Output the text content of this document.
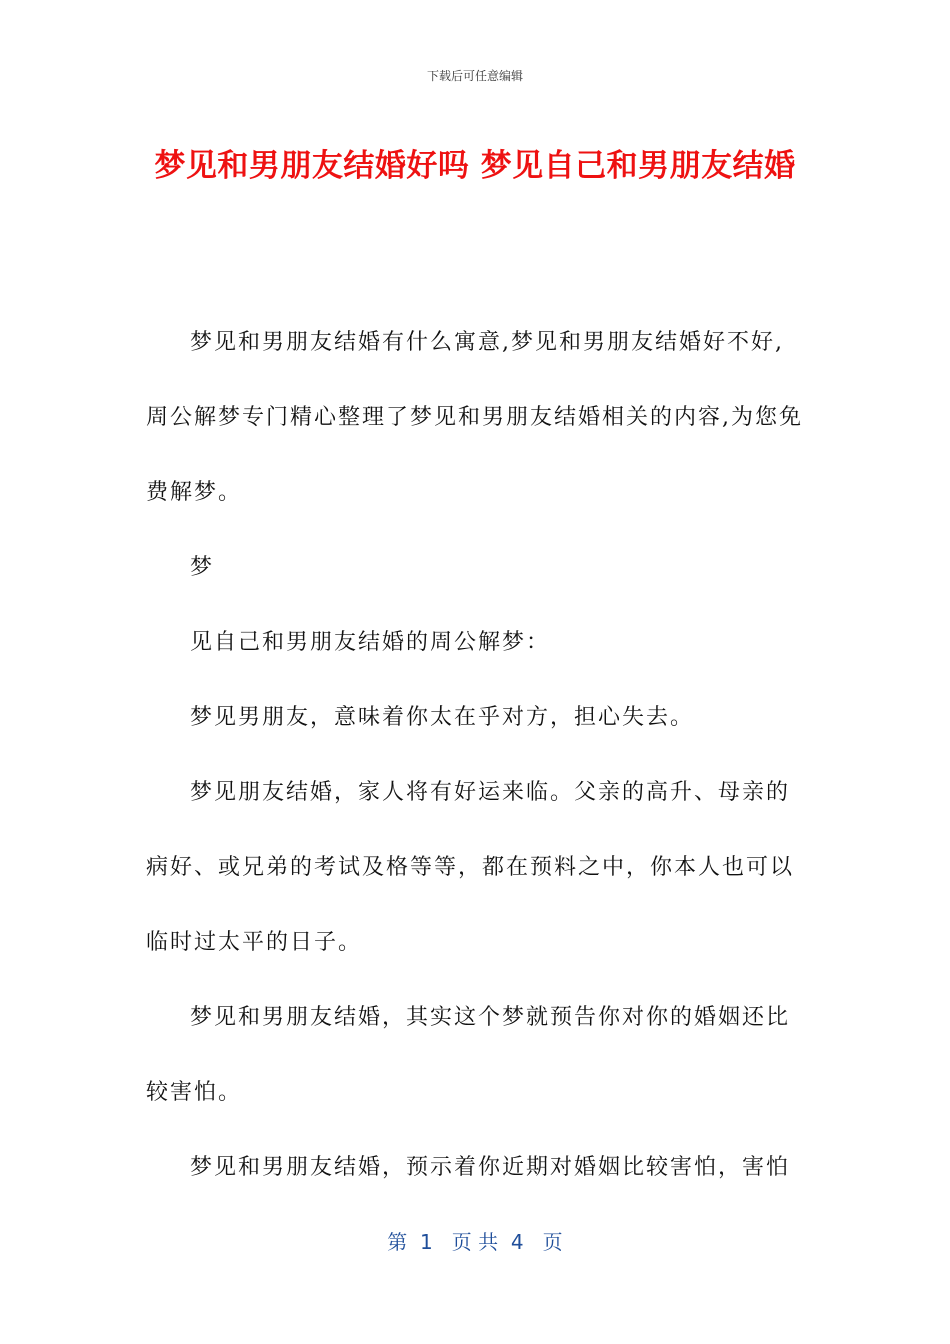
下载后可任意编辑
梦见和男朋友结婚好吗 梦见自己和男朋友结婚

梦见和男朋友结婚有什么寓意,梦见和男朋友结婚好不好,周公解梦专门精心整理了梦见和男朋友结婚相关的内容,为您免费解梦。

梦

见自己和男朋友结婚的周公解梦：

梦见男朋友，意味着你太在乎对方，担心失去。

梦见朋友结婚，家人将有好运来临。父亲的高升、母亲的病好、或兄弟的考试及格等等，都在预料之中，你本人也可以临时过太平的日子。

梦见和男朋友结婚，其实这个梦就预告你对你的婚姻还比较害怕。

梦见和男朋友结婚，预示着你近期对婚姻比较害怕，害怕

第  1   页 共  4   页
